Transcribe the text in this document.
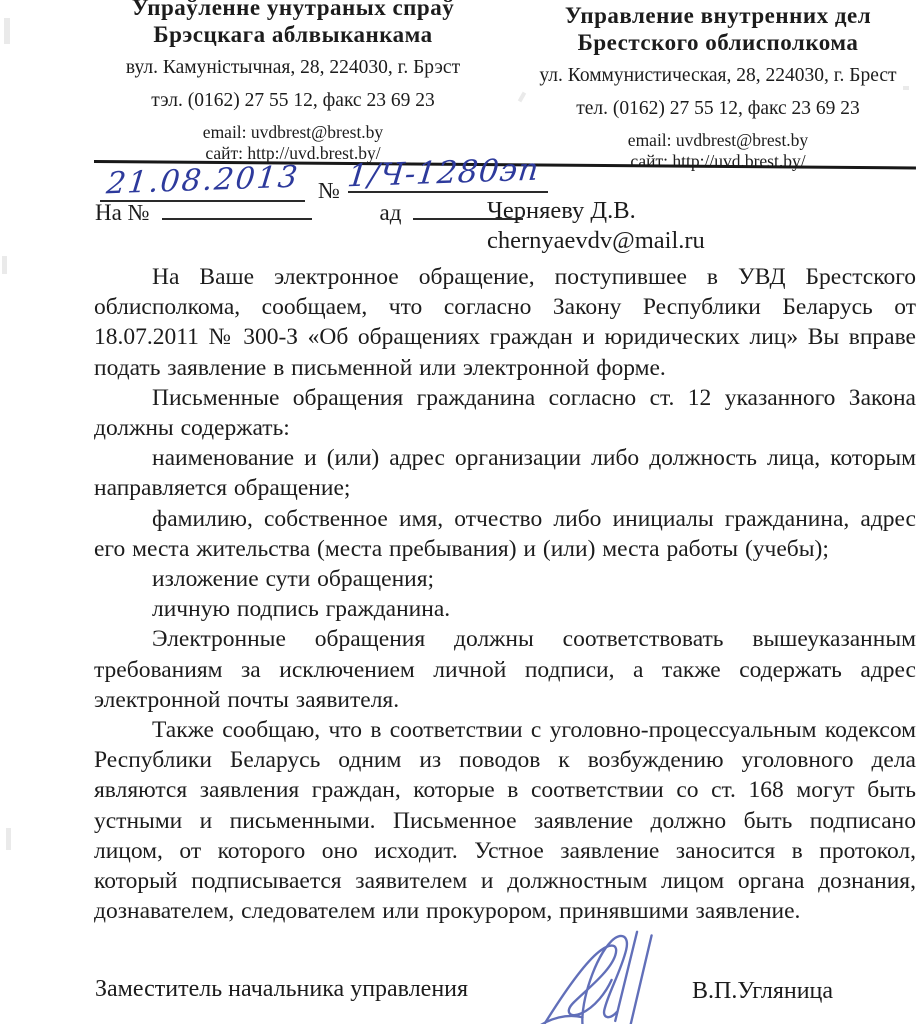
Упраўленне унутраных спраў
Брэсцкага аблвыканкама
вул. Камуністычная, 28, 224030, г. Брэст
тэл. (0162) 27 55 12, факс 23 69 23
email: uvdbrest@brest.by
сайт: http://uvd.brest.by/
Управление внутренних дел
Брестского облисполкома
ул. Коммунистическая, 28, 224030, г. Брест
тел. (0162) 27 55 12, факс 23 69 23
email: uvdbrest@brest.by
сайт: http://uvd.brest.by/
21.08.2013 № 1/Ч-1280эп
На №	ад	Черняеву Д.В.
chernyaevdv@mail.ru

На Ваше электронное обращение, поступившее в УВД Брестского облисполкома, сообщаем, что согласно Закону Республики Беларусь от 18.07.2011 № 300-З «Об обращениях граждан и юридических лиц» Вы вправе подать заявление в письменной или электронной форме.

Письменные обращения гражданина согласно ст. 12 указанного Закона должны содержать:

наименование и (или) адрес организации либо должность лица, которым направляется обращение;

фамилию, собственное имя, отчество либо инициалы гражданина, адрес его места жительства (места пребывания) и (или) места работы (учебы);

изложение сути обращения;

личную подпись гражданина.

Электронные обращения должны соответствовать вышеуказанным требованиям за исключением личной подписи, а также содержать адрес электронной почты заявителя.

Также сообщаю, что в соответствии с уголовно-процессуальным кодексом Республики Беларусь одним из поводов к возбуждению уголовного дела являются заявления граждан, которые в соответствии со ст. 168 могут быть устными и письменными. Письменное заявление должно быть подписано лицом, от которого оно исходит. Устное заявление заносится в протокол, который подписывается заявителем и должностным лицом органа дознания, дознавателем, следователем или прокурором, принявшими заявление.

Заместитель начальника управления	В.П.Угляница
